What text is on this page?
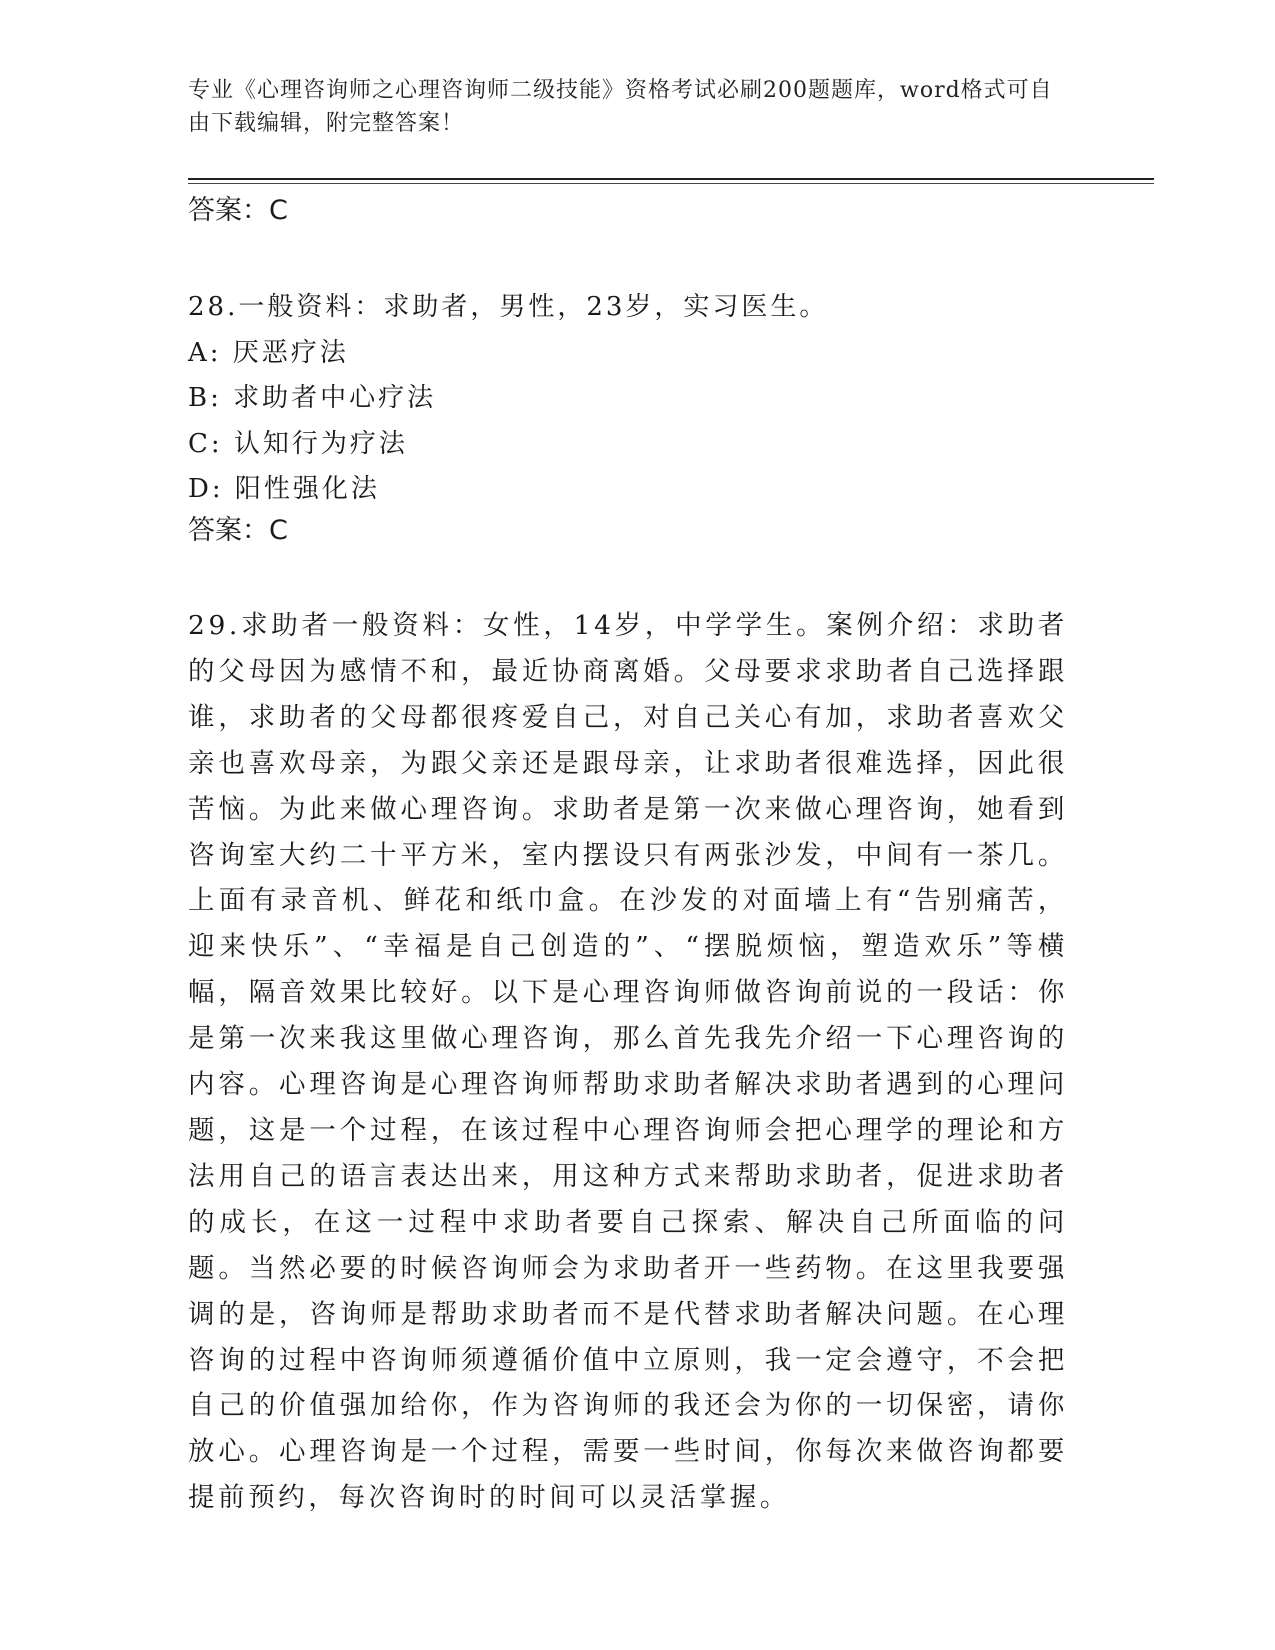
专业《心理咨询师之心理咨询师二级技能》资格考试必刷200题题库，word格式可自由下载编辑，附完整答案！
答案：C
28.一般资料：求助者，男性，23岁，实习医生。
A: 厌恶疗法
B: 求助者中心疗法
C: 认知行为疗法
D: 阳性强化法
答案：C
29.求助者一般资料：女性，14岁，中学学生。案例介绍：求助者的父母因为感情不和，最近协商离婚。父母要求求助者自己选择跟谁，求助者的父母都很疼爱自己，对自己关心有加，求助者喜欢父亲也喜欢母亲，为跟父亲还是跟母亲，让求助者很难选择，因此很苦恼。为此来做心理咨询。求助者是第一次来做心理咨询，她看到咨询室大约二十平方米，室内摆设只有两张沙发，中间有一茶几。上面有录音机、鲜花和纸巾盒。在沙发的对面墙上有“告别痛苦，迎来快乐”、“幸福是自己创造的”、“摆脱烦恼，塑造欢乐”等横幅，隔音效果比较好。以下是心理咨询师做咨询前说的一段话：你是第一次来我这里做心理咨询，那么首先我先介绍一下心理咨询的内容。心理咨询是心理咨询师帮助求助者解决求助者遇到的心理问题，这是一个过程，在该过程中心理咨询师会把心理学的理论和方法用自己的语言表达出来，用这种方式来帮助求助者，促进求助者的成长，在这一过程中求助者要自己探索、解决自己所面临的问题。当然必要的时候咨询师会为求助者开一些药物。在这里我要强调的是，咨询师是帮助求助者而不是代替求助者解决问题。在心理咨询的过程中咨询师须遵循价值中立原则，我一定会遵守，不会把自己的价值强加给你，作为咨询师的我还会为你的一切保密，请你放心。心理咨询是一个过程，需要一些时间，你每次来做咨询都要提前预约，每次咨询时的时间可以灵活掌握。
